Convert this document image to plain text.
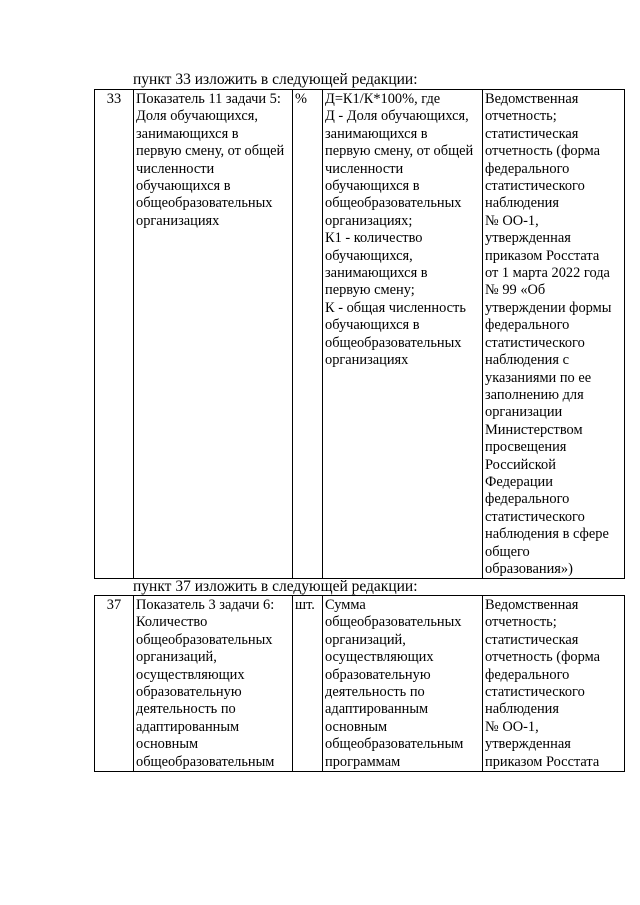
пункт 33 изложить в следующей редакции:
33	Показатель 11 задачи 5:
Доля обучающихся,
занимающихся в
первую смену, от общей
численности
обучающихся в
общеобразовательных
организациях	%	Д=К1/К*100%, где
Д - Доля обучающихся,
занимающихся в
первую смену, от общей
численности
обучающихся в
общеобразовательных
организациях;
К1 - количество
обучающихся,
занимающихся в
первую смену;
К - общая численность
обучающихся в
общеобразовательных
организациях	Ведомственная
отчетность;
статистическая
отчетность (форма
федерального
статистического
наблюдения
№ ОО-1,
утвержденная
приказом Росстата
от 1 марта 2022 года
№ 99 «Об
утверждении формы
федерального
статистического
наблюдения с
указаниями по ее
заполнению для
организации
Министерством
просвещения
Российской
Федерации
федерального
статистического
наблюдения в сфере
общего
образования»)
пункт 37 изложить в следующей редакции:
37	Показатель 3 задачи 6:
Количество
общеобразовательных
организаций,
осуществляющих
образовательную
деятельность по
адаптированным
основным
общеобразовательным	шт.	Сумма
общеобразовательных
организаций,
осуществляющих
образовательную
деятельность по
адаптированным
основным
общеобразовательным
программам	Ведомственная
отчетность;
статистическая
отчетность (форма
федерального
статистического
наблюдения
№ ОО-1,
утвержденная
приказом Росстата
